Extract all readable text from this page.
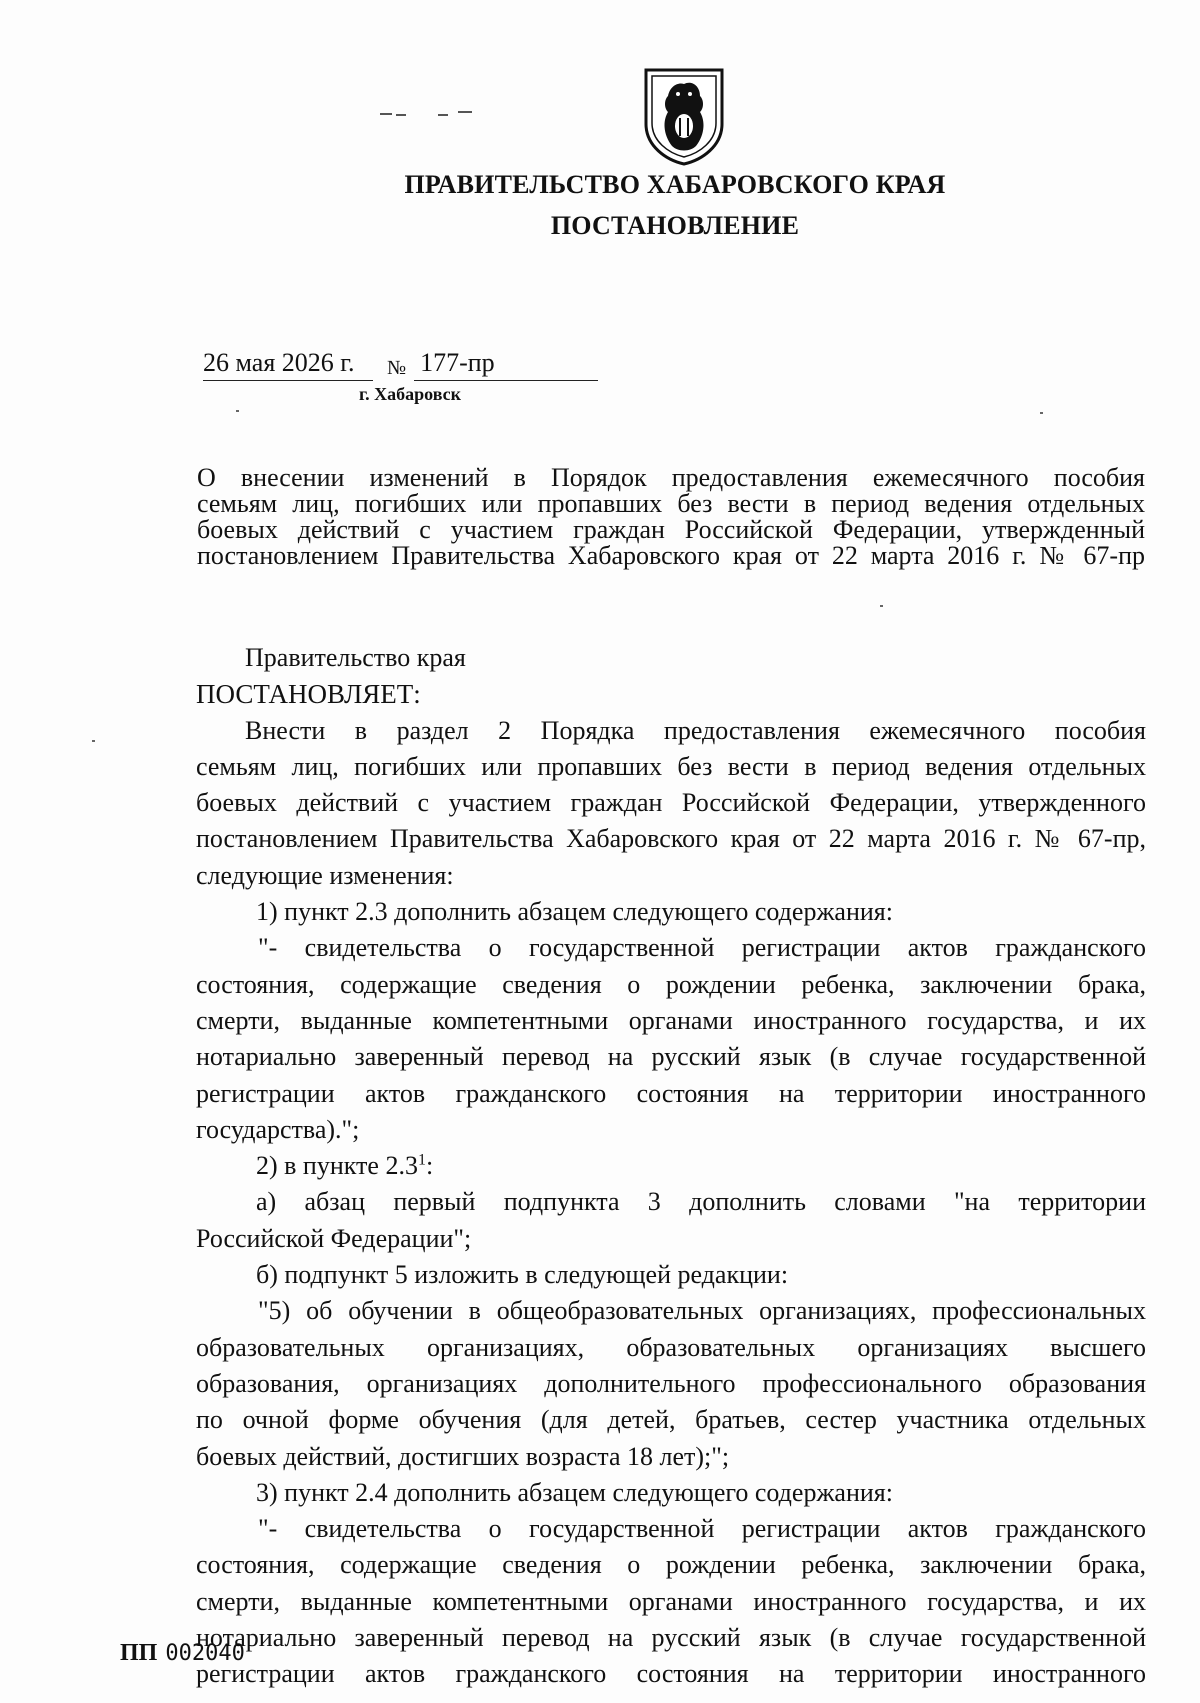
ПРАВИТЕЛЬСТВО ХАБАРОВСКОГО КРАЯ
ПОСТАНОВЛЕНИЕ
26 мая 2026 г. № 177-пр
г. Хабаровск
О внесении изменений в Порядок предоставления ежемесячного пособия
семьям лиц, погибших или пропавших без вести в период ведения отдельных
боевых действий с участием граждан Российской Федерации, утвержденный
постановлением Правительства Хабаровского края от 22 марта 2016 г. № 67-пр
Правительство края
ПОСТАНОВЛЯЕТ:
Внести в раздел 2 Порядка предоставления ежемесячного пособия
семьям лиц, погибших или пропавших без вести в период ведения отдельных
боевых действий с участием граждан Российской Федерации, утвержденного
постановлением Правительства Хабаровского края от 22 марта 2016 г. № 67-пр,
следующие изменения:
1) пункт 2.3 дополнить абзацем следующего содержания:
"- свидетельства о государственной регистрации актов гражданского
состояния, содержащие сведения о рождении ребенка, заключении брака,
смерти, выданные компетентными органами иностранного государства, и их
нотариально заверенный перевод на русский язык (в случае государственной
регистрации актов гражданского состояния на территории иностранного
государства).";
2) в пункте $2.3^1$:
а) абзац первый подпункта 3 дополнить словами "на территории
Российской Федерации";
б) подпункт 5 изложить в следующей редакции:
"5) об обучении в общеобразовательных организациях, профессиональных
образовательных организациях, образовательных организациях высшего
образования, организациях дополнительного профессионального образования
по очной форме обучения (для детей, братьев, сестер участника отдельных
боевых действий, достигших возраста 18 лет);";
3) пункт 2.4 дополнить абзацем следующего содержания:
"- свидетельства о государственной регистрации актов гражданского
состояния, содержащие сведения о рождении ребенка, заключении брака,
смерти, выданные компетентными органами иностранного государства, и их
нотариально заверенный перевод на русский язык (в случае государственной
регистрации актов гражданского состояния на территории иностранного
ПП 002040
